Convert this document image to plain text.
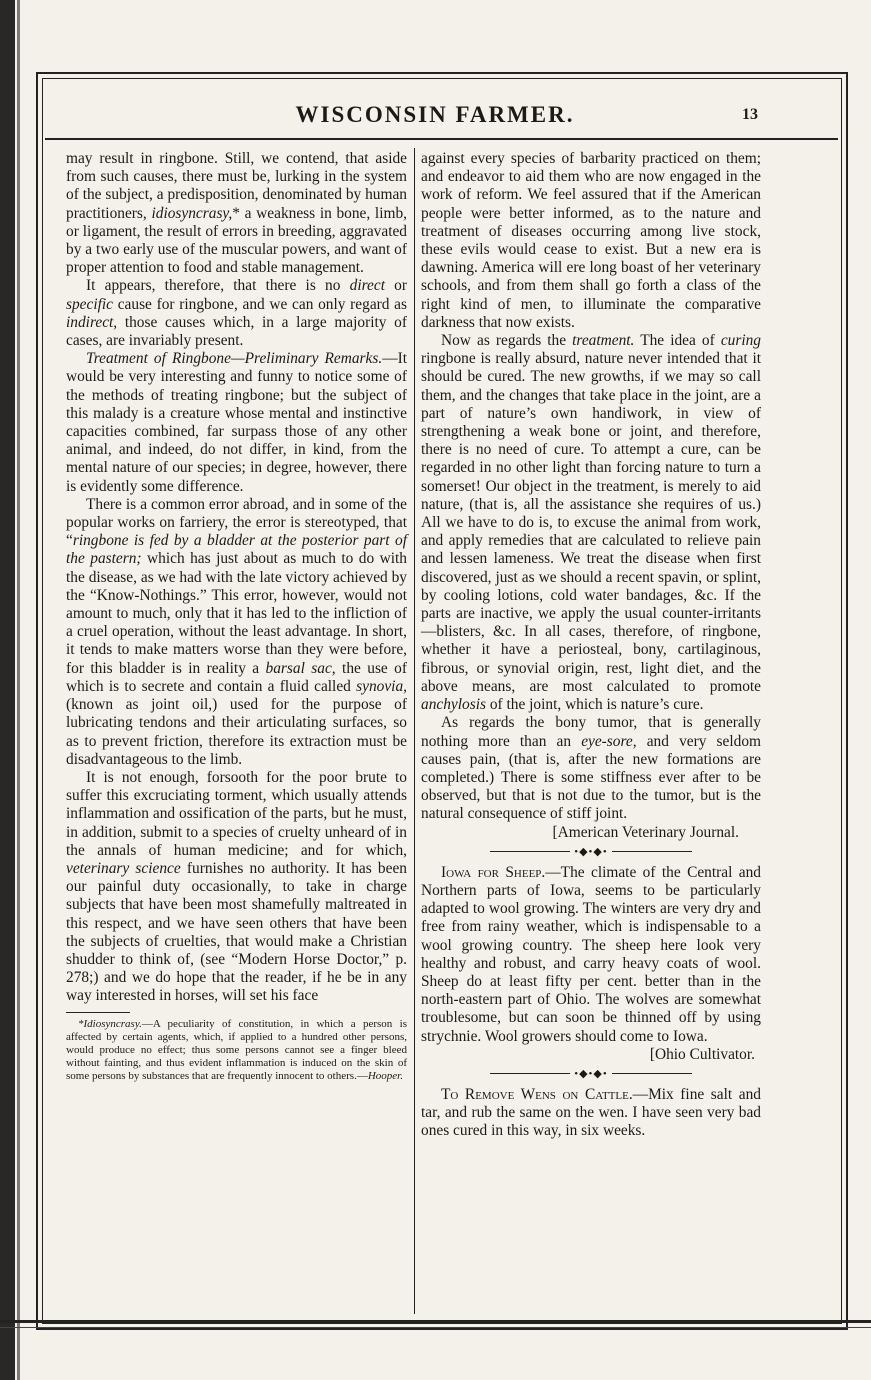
WISCONSIN FARMER.	13

may result in ringbone. Still, we contend, that aside from such causes, there must be, lurking in the system of the subject, a predisposition, denominated by human practitioners, idiosyncrasy,* a weakness in bone, limb, or ligament, the result of errors in breeding, aggravated by a two early use of the muscular powers, and want of proper attention to food and stable management.

It appears, therefore, that there is no direct or specific cause for ringbone, and we can only regard as indirect, those causes which, in a large majority of cases, are invariably present.

Treatment of Ringbone—Preliminary Remarks.—It would be very interesting and funny to notice some of the methods of treating ringbone; but the subject of this malady is a creature whose mental and instinctive capacities combined, far surpass those of any other animal, and indeed, do not differ, in kind, from the mental nature of our species; in degree, however, there is evidently some difference.

There is a common error abroad, and in some of the popular works on farriery, the error is stereotyped, that “ringbone is fed by a bladder at the posterior part of the pastern; which has just about as much to do with the disease, as we had with the late victory achieved by the “Know-Nothings.” This error, however, would not amount to much, only that it has led to the infliction of a cruel operation, without the least advantage. In short, it tends to make matters worse than they were before, for this bladder is in reality a barsal sac, the use of which is to secrete and contain a fluid called synovia, (known as joint oil,) used for the purpose of lubricating tendons and their articulating surfaces, so as to prevent friction, therefore its extraction must be disadvantageous to the limb.

It is not enough, forsooth for the poor brute to suffer this excruciating torment, which usually attends inflammation and ossification of the parts, but he must, in addition, submit to a species of cruelty unheard of in the annals of human medicine; and for which, veterinary science furnishes no authority. It has been our painful duty occasionally, to take in charge subjects that have been most shamefully maltreated in this respect, and we have seen others that have been the subjects of cruelties, that would make a Christian shudder to think of, (see “Modern Horse Doctor,” p. 278;) and we do hope that the reader, if he be in any way interested in horses, will set his face

*Idiosyncrasy.—A peculiarity of constitution, in which a person is affected by certain agents, which, if applied to a hundred other persons, would produce no effect; thus some persons cannot see a finger bleed without fainting, and thus evident inflammation is induced on the skin of some persons by substances that are frequently innocent to others.—Hooper.

against every species of barbarity practiced on them; and endeavor to aid them who are now engaged in the work of reform. We feel assured that if the American people were better informed, as to the nature and treatment of diseases occurring among live stock, these evils would cease to exist. But a new era is dawning. America will ere long boast of her veterinary schools, and from them shall go forth a class of the right kind of men, to illuminate the comparative darkness that now exists.

Now as regards the treatment. The idea of curing ringbone is really absurd, nature never intended that it should be cured. The new growths, if we may so call them, and the changes that take place in the joint, are a part of nature’s own handiwork, in view of strengthening a weak bone or joint, and therefore, there is no need of cure. To attempt a cure, can be regarded in no other light than forcing nature to turn a somerset! Our object in the treatment, is merely to aid nature, (that is, all the assistance she requires of us.) All we have to do is, to excuse the animal from work, and apply remedies that are calculated to relieve pain and lessen lameness. We treat the disease when first discovered, just as we should a recent spavin, or splint, by cooling lotions, cold water bandages, &c. If the parts are inactive, we apply the usual counter-irritants—blisters, &c. In all cases, therefore, of ringbone, whether it have a periosteal, bony, cartilaginous, fibrous, or synovial origin, rest, light diet, and the above means, are most calculated to promote anchylosis of the joint, which is nature’s cure.

As regards the bony tumor, that is generally nothing more than an eye-sore, and very seldom causes pain, (that is, after the new formations are completed.) There is some stiffness ever after to be observed, but that is not due to the tumor, but is the natural consequence of stiff joint.

[American Veterinary Journal.

•◆•◆•

Iowa for Sheep.—The climate of the Central and Northern parts of Iowa, seems to be particularly adapted to wool growing. The winters are very dry and free from rainy weather, which is indispensable to a wool growing country. The sheep here look very healthy and robust, and carry heavy coats of wool. Sheep do at least fifty per cent. better than in the north-eastern part of Ohio. The wolves are somewhat troublesome, but can soon be thinned off by using strychnie. Wool growers should come to Iowa.

[Ohio Cultivator.

•◆•◆•

To Remove Wens on Cattle.—Mix fine salt and tar, and rub the same on the wen. I have seen very bad ones cured in this way, in six weeks.
